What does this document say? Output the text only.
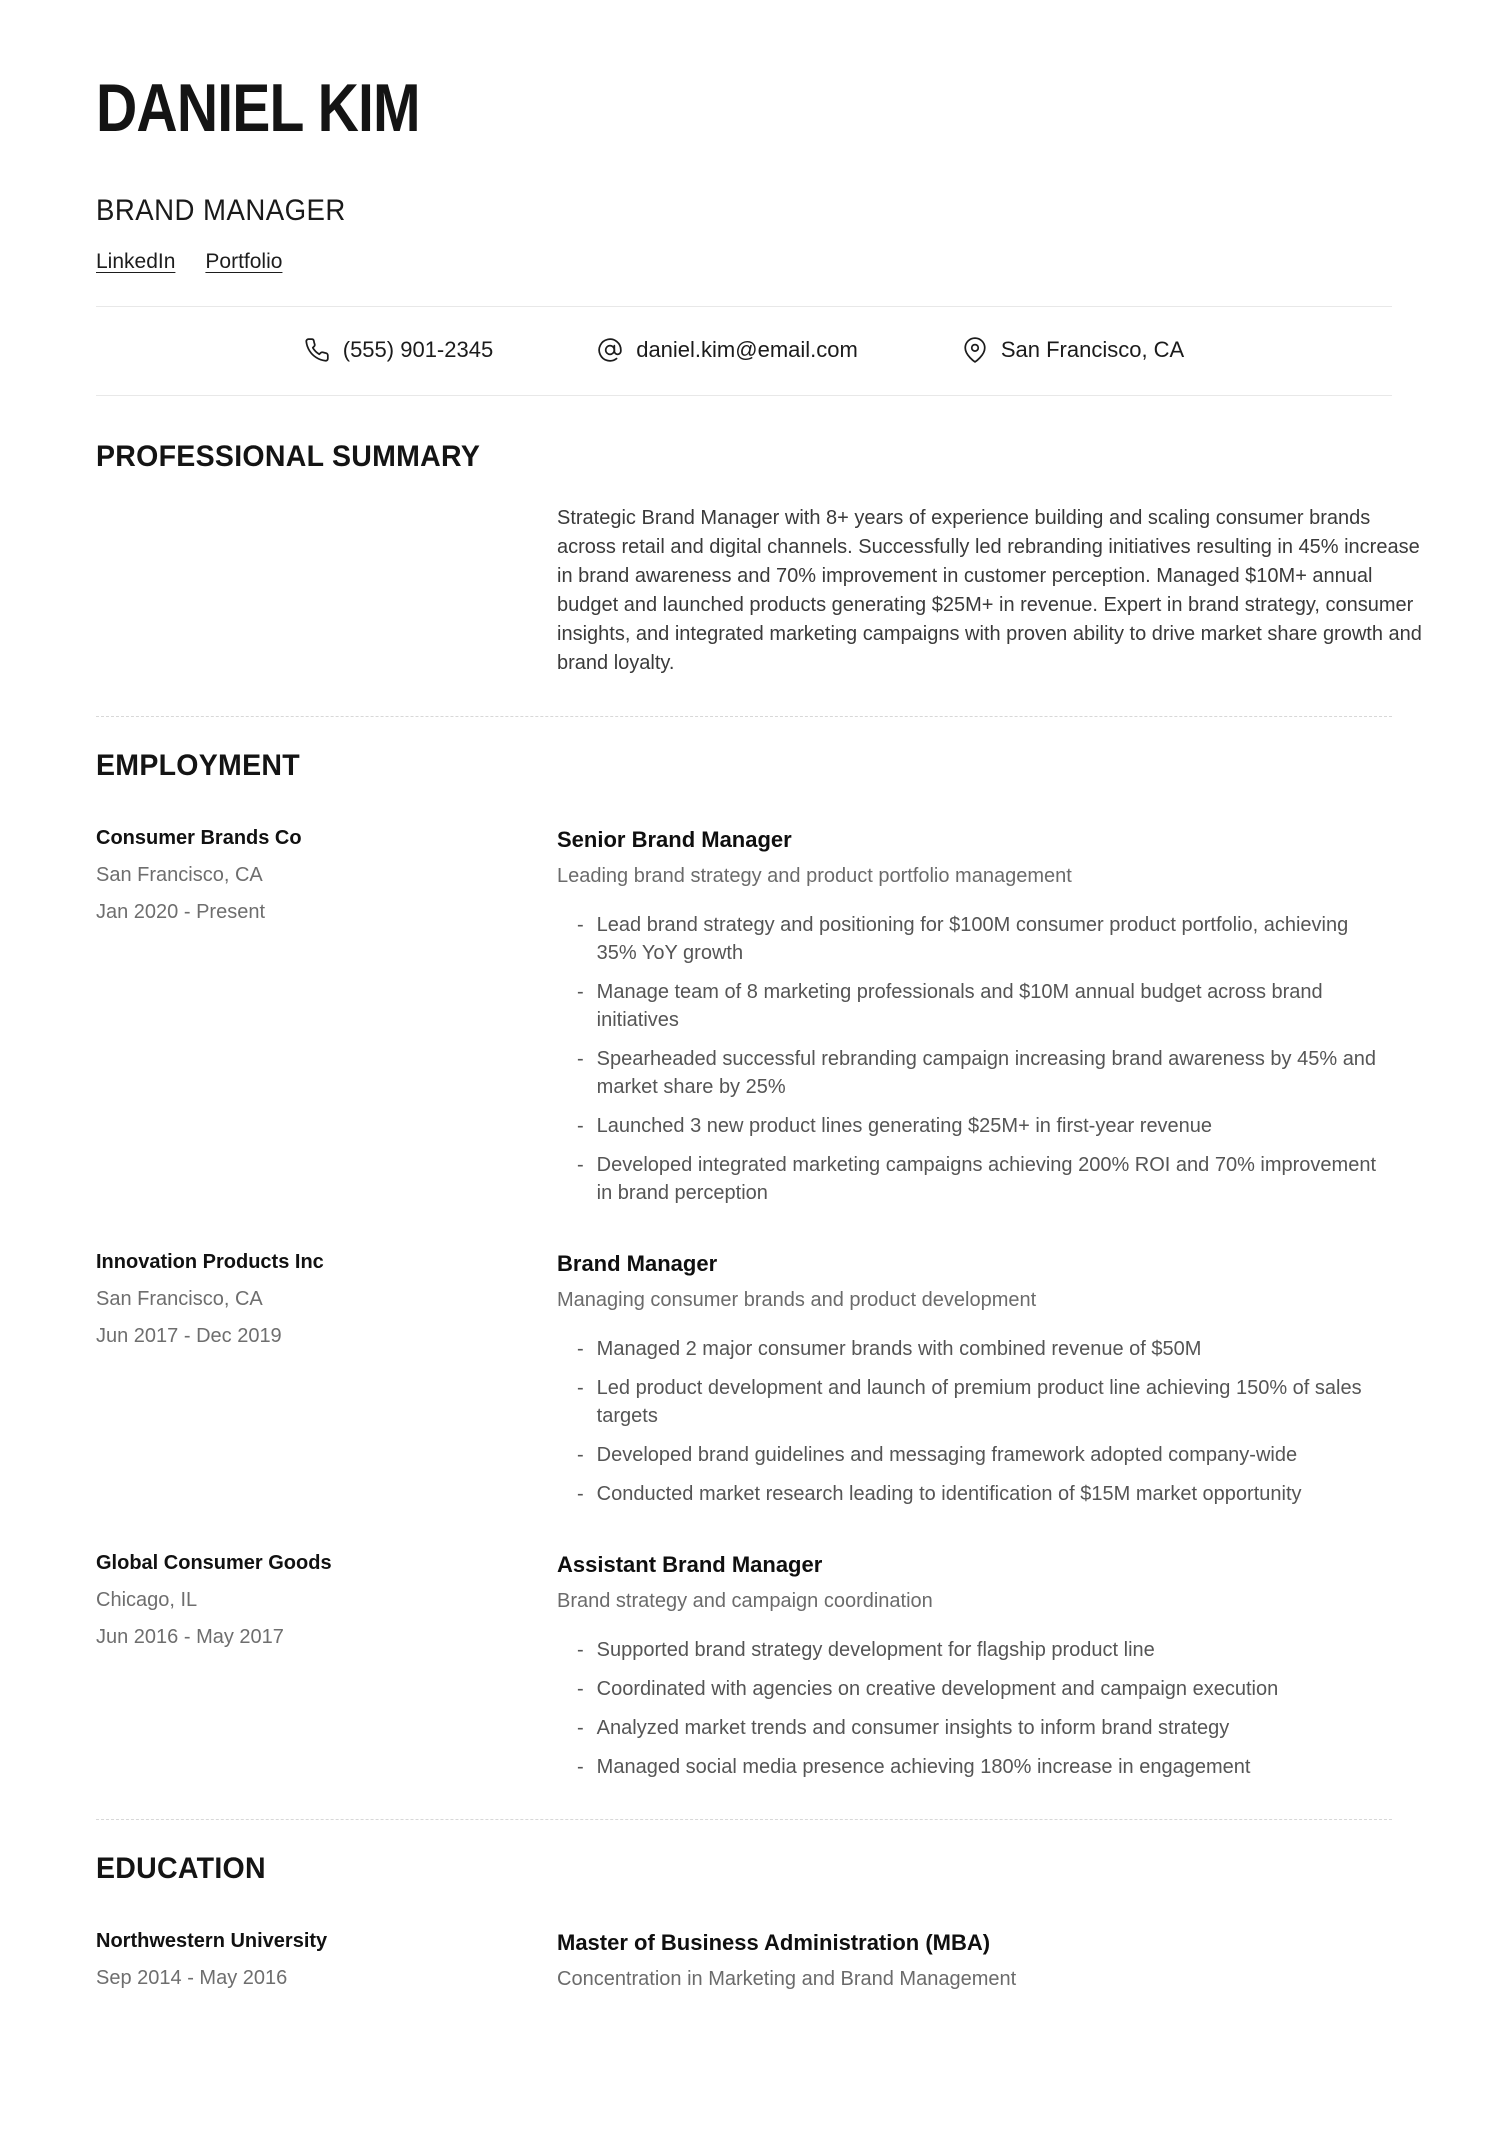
DANIEL KIM
BRAND MANAGER
LinkedIn Portfolio
(555) 901-2345	daniel.kim@email.com	San Francisco, CA
PROFESSIONAL SUMMARY

Strategic Brand Manager with 8+ years of experience building and scaling consumer brands across retail and digital channels. Successfully led rebranding initiatives resulting in 45% increase in brand awareness and 70% improvement in customer perception. Managed $10M+ annual budget and launched products generating $25M+ in revenue. Expert in brand strategy, consumer insights, and integrated marketing campaigns with proven ability to drive market share growth and brand loyalty.

EMPLOYMENT
Consumer Brands Co
San Francisco, CA
Jan 2020 - Present
Senior Brand Manager
Leading brand strategy and product portfolio management
- Lead brand strategy and positioning for $100M consumer product portfolio, achieving 35% YoY growth
- Manage team of 8 marketing professionals and $10M annual budget across brand initiatives
- Spearheaded successful rebranding campaign increasing brand awareness by 45% and market share by 25%
- Launched 3 new product lines generating $25M+ in first-year revenue
- Developed integrated marketing campaigns achieving 200% ROI and 70% improvement in brand perception
Innovation Products Inc
San Francisco, CA
Jun 2017 - Dec 2019
Brand Manager
Managing consumer brands and product development
- Managed 2 major consumer brands with combined revenue of $50M
- Led product development and launch of premium product line achieving 150% of sales targets
- Developed brand guidelines and messaging framework adopted company-wide
- Conducted market research leading to identification of $15M market opportunity
Global Consumer Goods
Chicago, IL
Jun 2016 - May 2017
Assistant Brand Manager
Brand strategy and campaign coordination
- Supported brand strategy development for flagship product line
- Coordinated with agencies on creative development and campaign execution
- Analyzed market trends and consumer insights to inform brand strategy
- Managed social media presence achieving 180% increase in engagement
EDUCATION
Northwestern University
Sep 2014 - May 2016
Master of Business Administration (MBA)
Concentration in Marketing and Brand Management
